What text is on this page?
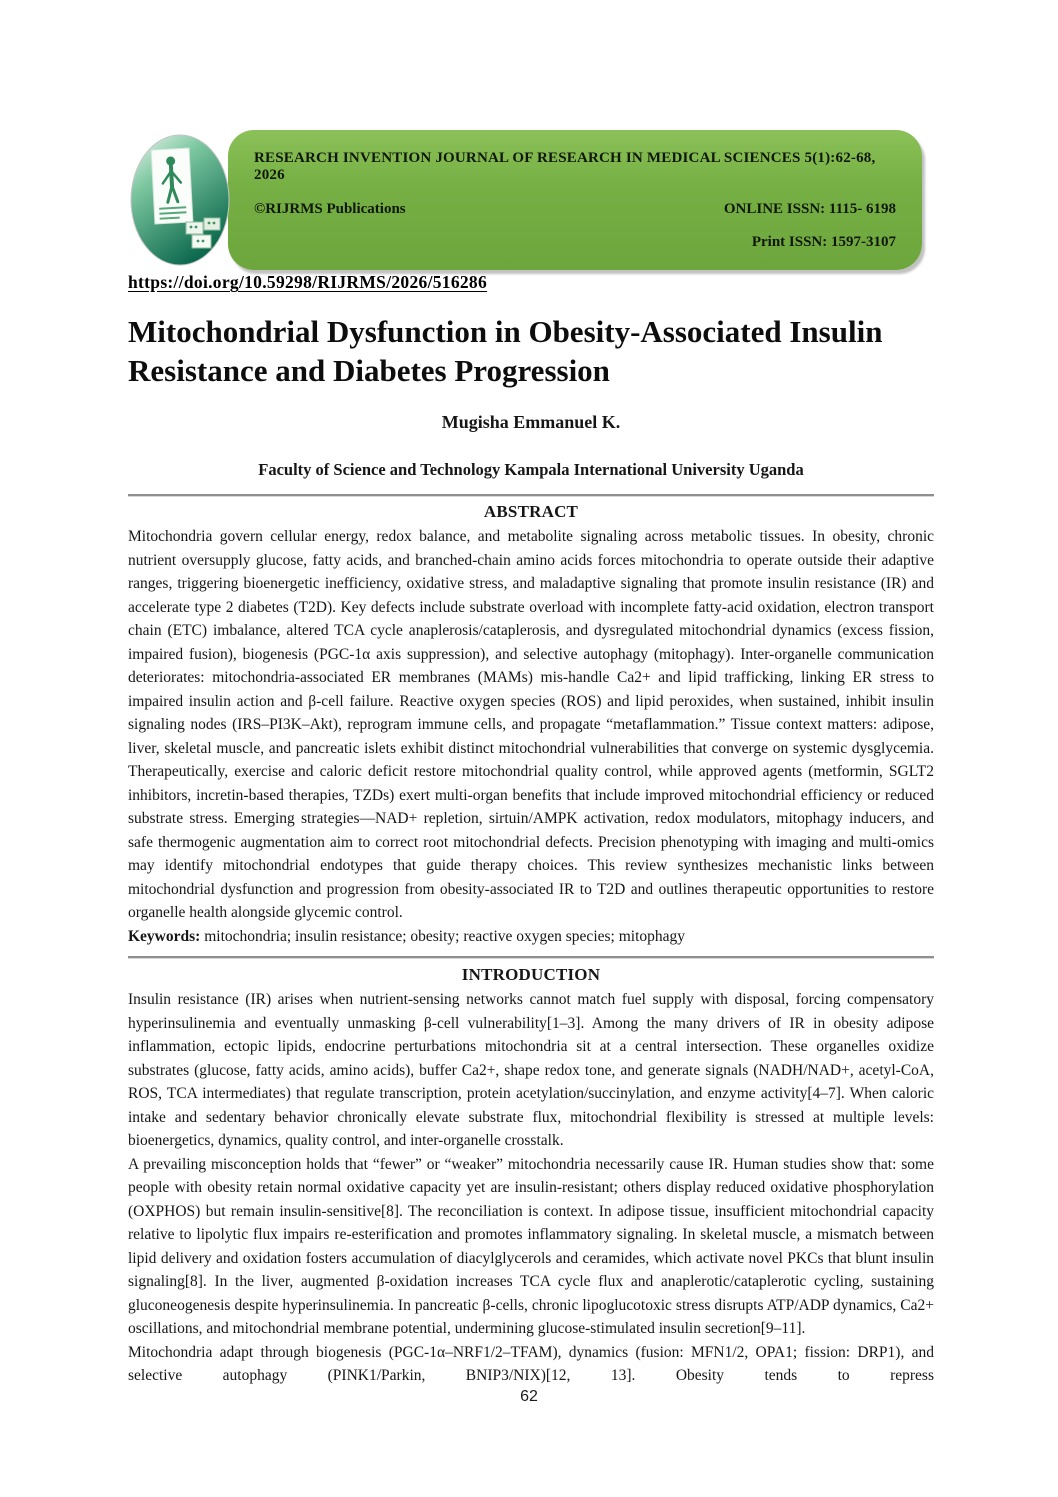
RESEARCH INVENTION JOURNAL OF RESEARCH IN MEDICAL SCIENCES 5(1):62-68, 2026
©RIJRMS Publications	ONLINE ISSN: 1115- 6198
Print ISSN: 1597-3107
https://doi.org/10.59298/RIJRMS/2026/516286
Mitochondrial Dysfunction in Obesity-Associated Insulin Resistance and Diabetes Progression
Mugisha Emmanuel K.
Faculty of Science and Technology Kampala International University Uganda
ABSTRACT

Mitochondria govern cellular energy, redox balance, and metabolite signaling across metabolic tissues. In obesity, chronic nutrient oversupply glucose, fatty acids, and branched-chain amino acids forces mitochondria to operate outside their adaptive ranges, triggering bioenergetic inefficiency, oxidative stress, and maladaptive signaling that promote insulin resistance (IR) and accelerate type 2 diabetes (T2D). Key defects include substrate overload with incomplete fatty-acid oxidation, electron transport chain (ETC) imbalance, altered TCA cycle anaplerosis/cataplerosis, and dysregulated mitochondrial dynamics (excess fission, impaired fusion), biogenesis (PGC-1α axis suppression), and selective autophagy (mitophagy). Inter-organelle communication deteriorates: mitochondria-associated ER membranes (MAMs) mis-handle Ca2+ and lipid trafficking, linking ER stress to impaired insulin action and β-cell failure. Reactive oxygen species (ROS) and lipid peroxides, when sustained, inhibit insulin signaling nodes (IRS–PI3K–Akt), reprogram immune cells, and propagate “metaflammation.” Tissue context matters: adipose, liver, skeletal muscle, and pancreatic islets exhibit distinct mitochondrial vulnerabilities that converge on systemic dysglycemia. Therapeutically, exercise and caloric deficit restore mitochondrial quality control, while approved agents (metformin, SGLT2 inhibitors, incretin-based therapies, TZDs) exert multi-organ benefits that include improved mitochondrial efficiency or reduced substrate stress. Emerging strategies—NAD+ repletion, sirtuin/AMPK activation, redox modulators, mitophagy inducers, and safe thermogenic augmentation aim to correct root mitochondrial defects. Precision phenotyping with imaging and multi-omics may identify mitochondrial endotypes that guide therapy choices. This review synthesizes mechanistic links between mitochondrial dysfunction and progression from obesity-associated IR to T2D and outlines therapeutic opportunities to restore organelle health alongside glycemic control.

Keywords: mitochondria; insulin resistance; obesity; reactive oxygen species; mitophagy

INTRODUCTION

Insulin resistance (IR) arises when nutrient-sensing networks cannot match fuel supply with disposal, forcing compensatory hyperinsulinemia and eventually unmasking β-cell vulnerability[1–3]. Among the many drivers of IR in obesity adipose inflammation, ectopic lipids, endocrine perturbations mitochondria sit at a central intersection. These organelles oxidize substrates (glucose, fatty acids, amino acids), buffer Ca2+, shape redox tone, and generate signals (NADH/NAD+, acetyl-CoA, ROS, TCA intermediates) that regulate transcription, protein acetylation/succinylation, and enzyme activity[4–7]. When caloric intake and sedentary behavior chronically elevate substrate flux, mitochondrial flexibility is stressed at multiple levels: bioenergetics, dynamics, quality control, and inter-organelle crosstalk.

A prevailing misconception holds that “fewer” or “weaker” mitochondria necessarily cause IR. Human studies show that: some people with obesity retain normal oxidative capacity yet are insulin-resistant; others display reduced oxidative phosphorylation (OXPHOS) but remain insulin-sensitive[8]. The reconciliation is context. In adipose tissue, insufficient mitochondrial capacity relative to lipolytic flux impairs re-esterification and promotes inflammatory signaling. In skeletal muscle, a mismatch between lipid delivery and oxidation fosters accumulation of diacylglycerols and ceramides, which activate novel PKCs that blunt insulin signaling[8]. In the liver, augmented β-oxidation increases TCA cycle flux and anaplerotic/cataplerotic cycling, sustaining gluconeogenesis despite hyperinsulinemia. In pancreatic β-cells, chronic lipoglucotoxic stress disrupts ATP/ADP dynamics, Ca2+ oscillations, and mitochondrial membrane potential, undermining glucose-stimulated insulin secretion[9–11].

Mitochondria adapt through biogenesis (PGC-1α–NRF1/2–TFAM), dynamics (fusion: MFN1/2, OPA1; fission: DRP1), and selective autophagy (PINK1/Parkin, BNIP3/NIX)[12, 13]. Obesity tends to repress

62
